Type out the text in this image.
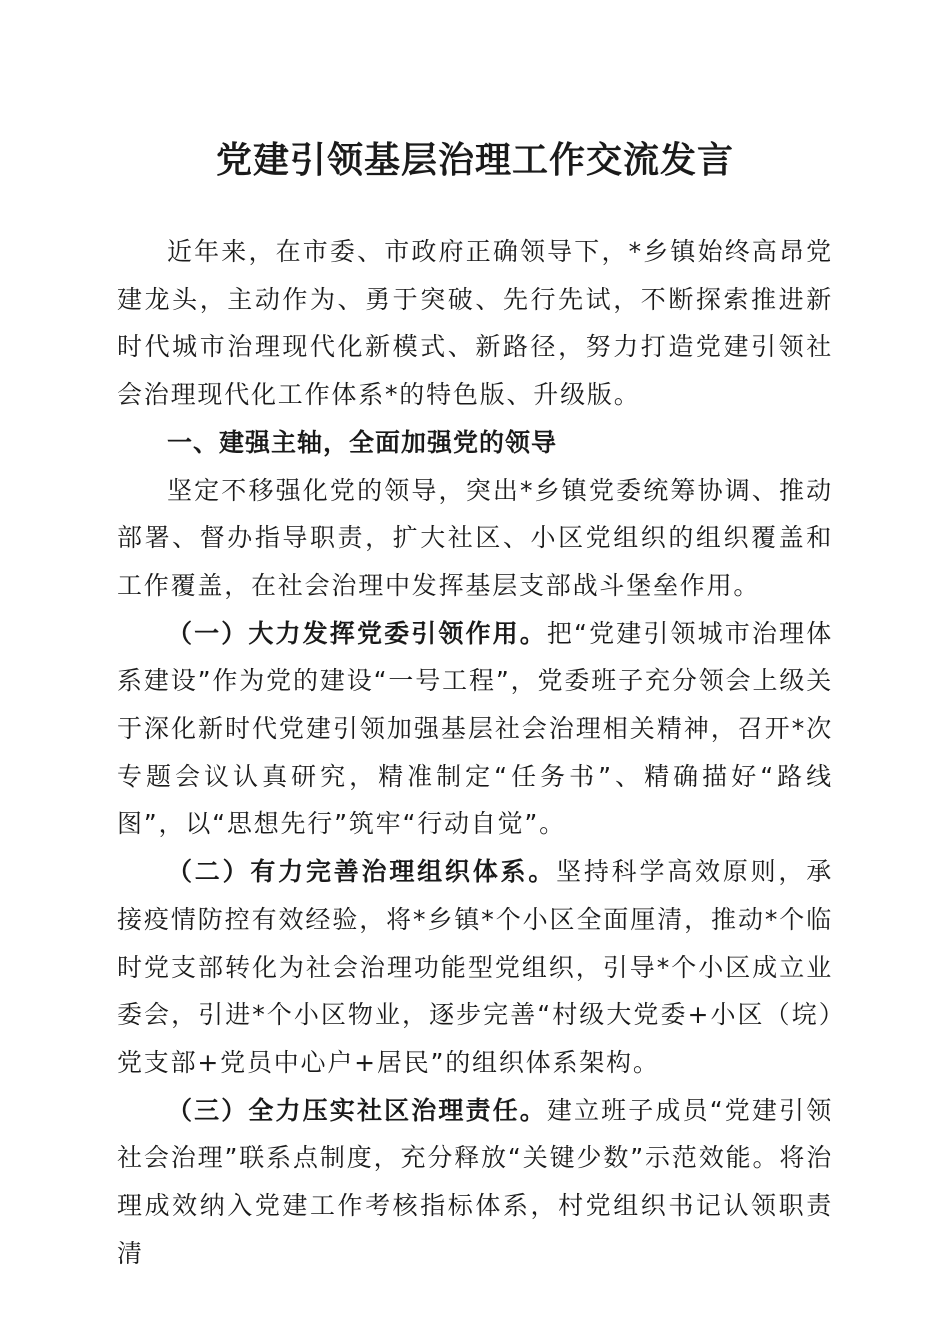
党建引领基层治理工作交流发言

近年来，在市委、市政府正确领导下，*乡镇始终高昂党建龙头，主动作为、勇于突破、先行先试，不断探索推进新时代城市治理现代化新模式、新路径，努力打造党建引领社会治理现代化工作体系*的特色版、升级版。

一、建强主轴，全面加强党的领导

坚定不移强化党的领导，突出*乡镇党委统筹协调、推动部署、督办指导职责，扩大社区、小区党组织的组织覆盖和工作覆盖，在社会治理中发挥基层支部战斗堡垒作用。

（一）大力发挥党委引领作用。把“党建引领城市治理体系建设”作为党的建设“一号工程”，党委班子充分领会上级关于深化新时代党建引领加强基层社会治理相关精神，召开*次专题会议认真研究，精准制定“任务书”、精确描好“路线图”，以“思想先行”筑牢“行动自觉”。

（二）有力完善治理组织体系。坚持科学高效原则，承接疫情防控有效经验，将*乡镇*个小区全面厘清，推动*个临时党支部转化为社会治理功能型党组织，引导*个小区成立业委会，引进*个小区物业，逐步完善“村级大党委+小区（垸）党支部+党员中心户+居民”的组织体系架构。

（三）全力压实社区治理责任。建立班子成员“党建引领社会治理”联系点制度，充分释放“关键少数”示范效能。将治理成效纳入党建工作考核指标体系，村党组织书记认领职责清
